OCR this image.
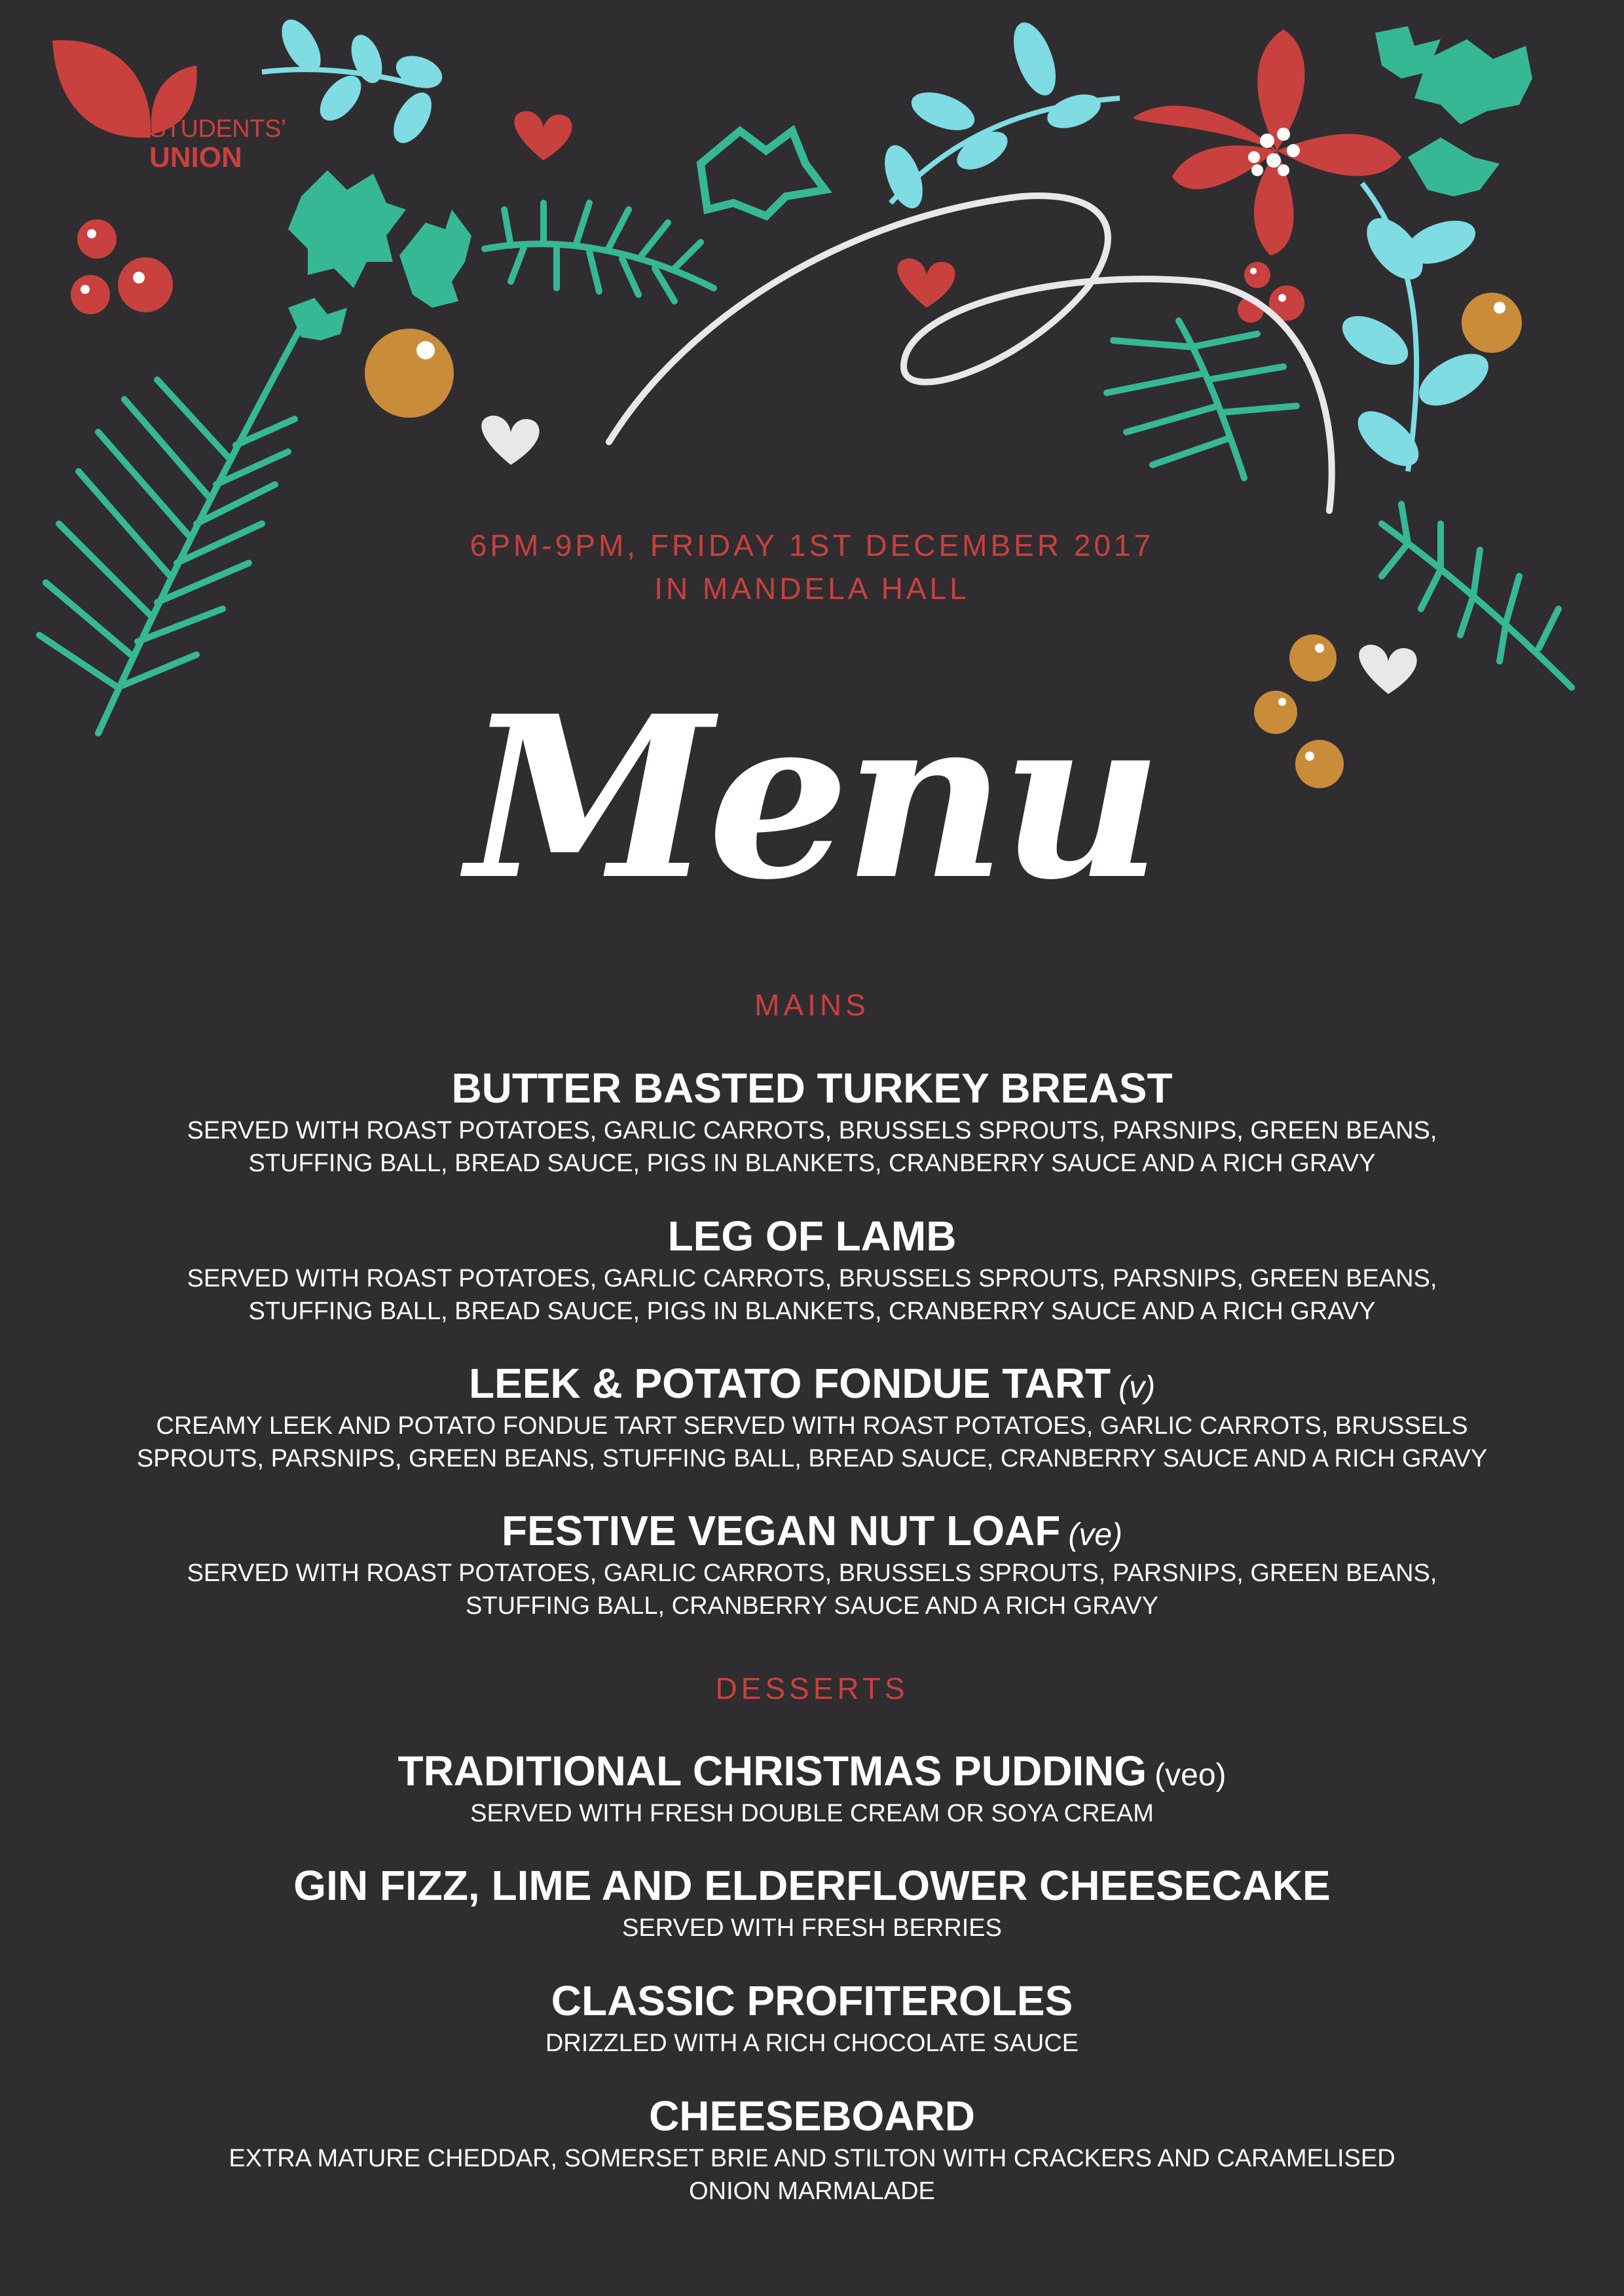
STUDENTS’
UNION
6PM-9PM, FRIDAY 1ST DECEMBER 2017
IN MANDELA HALL
Menu
MAINS
BUTTER BASTED TURKEY BREAST
SERVED WITH ROAST POTATOES, GARLIC CARROTS, BRUSSELS SPROUTS, PARSNIPS, GREEN BEANS,
STUFFING BALL, BREAD SAUCE, PIGS IN BLANKETS, CRANBERRY SAUCE AND A RICH GRAVY
LEG OF LAMB
SERVED WITH ROAST POTATOES, GARLIC CARROTS, BRUSSELS SPROUTS, PARSNIPS, GREEN BEANS,
STUFFING BALL, BREAD SAUCE, PIGS IN BLANKETS, CRANBERRY SAUCE AND A RICH GRAVY
LEEK & POTATO FONDUE TART (v)
CREAMY LEEK AND POTATO FONDUE TART SERVED WITH ROAST POTATOES, GARLIC CARROTS, BRUSSELS
SPROUTS, PARSNIPS, GREEN BEANS, STUFFING BALL, BREAD SAUCE, CRANBERRY SAUCE AND A RICH GRAVY
FESTIVE VEGAN NUT LOAF (ve)
SERVED WITH ROAST POTATOES, GARLIC CARROTS, BRUSSELS SPROUTS, PARSNIPS, GREEN BEANS,
STUFFING BALL, CRANBERRY SAUCE AND A RICH GRAVY
DESSERTS
TRADITIONAL CHRISTMAS PUDDING (veo)
SERVED WITH FRESH DOUBLE CREAM OR SOYA CREAM
GIN FIZZ, LIME AND ELDERFLOWER CHEESECAKE
SERVED WITH FRESH BERRIES
CLASSIC PROFITEROLES
DRIZZLED WITH A RICH CHOCOLATE SAUCE
CHEESEBOARD
EXTRA MATURE CHEDDAR, SOMERSET BRIE AND STILTON WITH CRACKERS AND CARAMELISED
ONION MARMALADE
